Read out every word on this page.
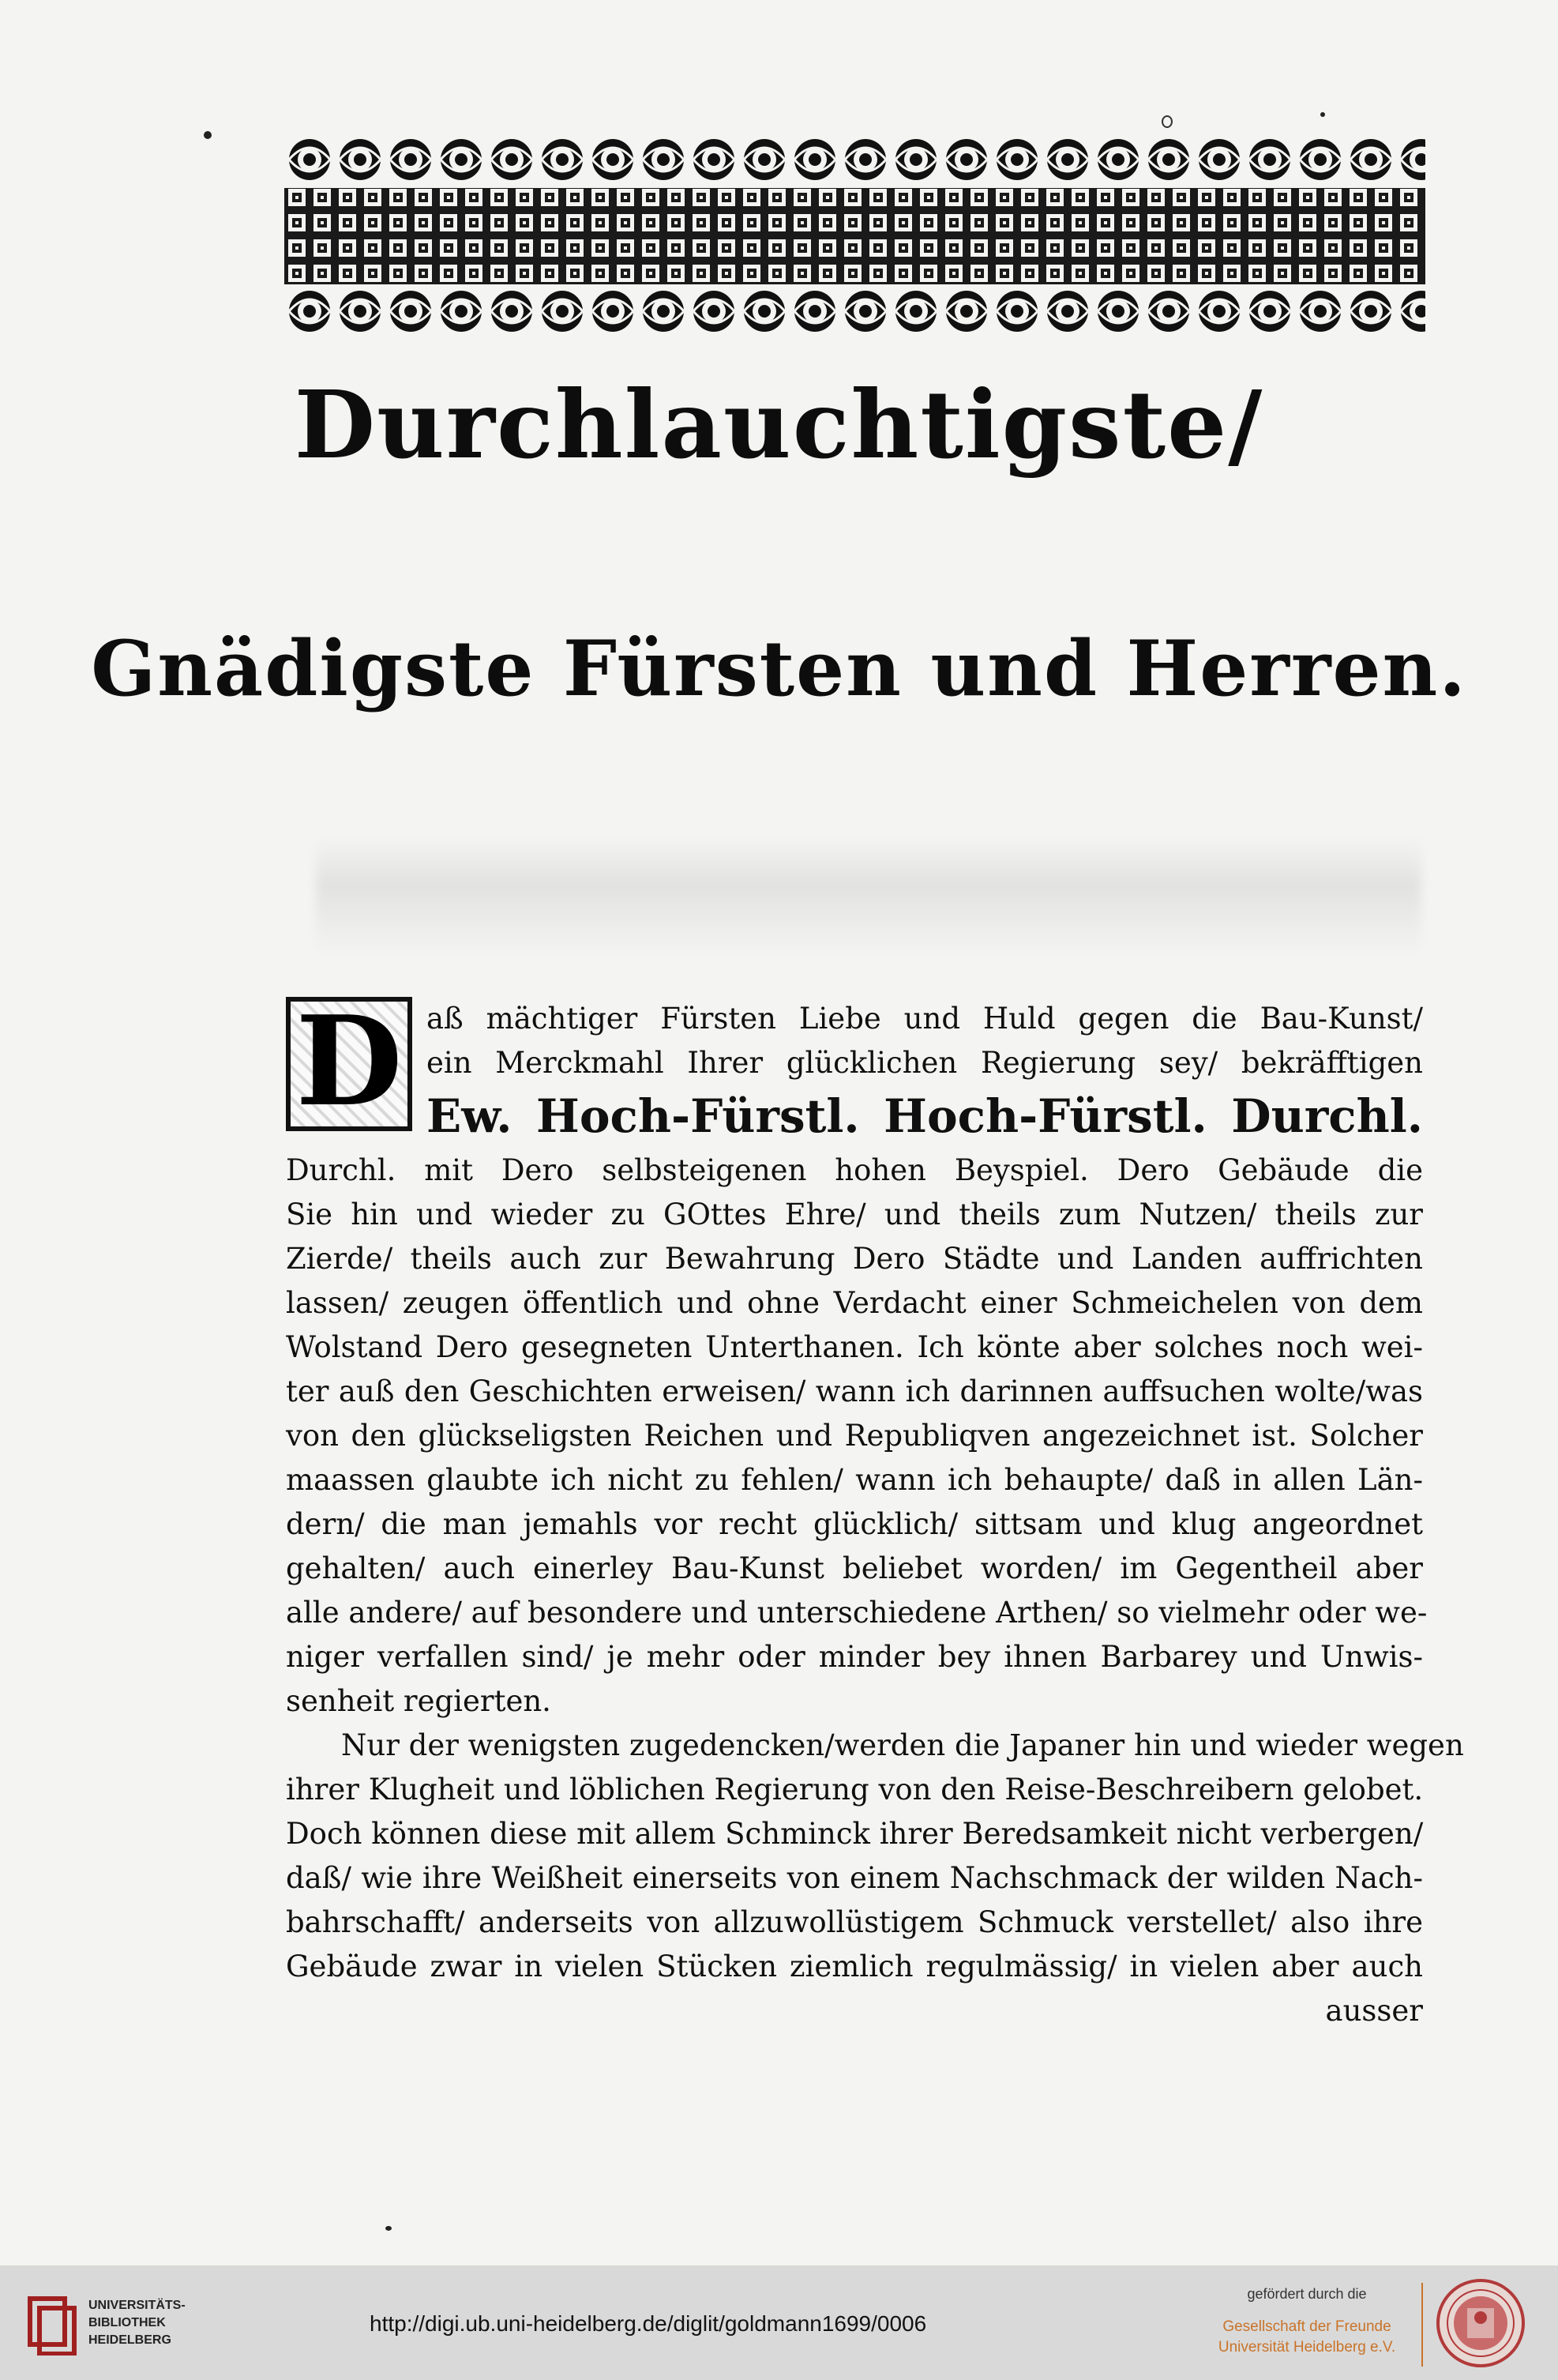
Durchlauchtigste/
Gnädigste Fürsten und Herren.
D aß mächtiger Fürsten Liebe und Huld gegen die Bau-Kunst/
ein Merckmahl Ihrer glücklichen Regierung sey/ bekräfftigen
Ew. Hoch-Fürstl. Hoch-Fürstl. Durchl.
Durchl. mit Dero selbsteigenen hohen Beyspiel. Dero Gebäude die
Sie hin und wieder zu GOttes Ehre/ und theils zum Nutzen/ theils zur
Zierde/ theils auch zur Bewahrung Dero Städte und Landen auffrichten
lassen/ zeugen öffentlich und ohne Verdacht einer Schmeichelen von dem
Wolstand Dero gesegneten Unterthanen. Ich könte aber solches noch wei-
ter auß den Geschichten erweisen/ wann ich darinnen auffsuchen wolte/was
von den glückseligsten Reichen und Republiqven angezeichnet ist. Solcher
maassen glaubte ich nicht zu fehlen/ wann ich behaupte/ daß in allen Län-
dern/ die man jemahls vor recht glücklich/ sittsam und klug angeordnet
gehalten/ auch einerley Bau-Kunst beliebet worden/ im Gegentheil aber
alle andere/ auf besondere und unterschiedene Arthen/ so vielmehr oder we-
niger verfallen sind/ je mehr oder minder bey ihnen Barbarey und Unwis-
senheit regierten.
Nur der wenigsten zugedencken/werden die Japaner hin und wieder wegen
ihrer Klugheit und löblichen Regierung von den Reise-Beschreibern gelobet.
Doch können diese mit allem Schminck ihrer Beredsamkeit nicht verbergen/
daß/ wie ihre Weißheit einerseits von einem Nachschmack der wilden Nach-
bahrschafft/ anderseits von allzuwollüstigem Schmuck verstellet/ also ihre
Gebäude zwar in vielen Stücken ziemlich regulmässig/ in vielen aber auch
ausser
UNIVERSITÄTS-
BIBLIOTHEK
HEIDELBERG
http://digi.ub.uni-heidelberg.de/diglit/goldmann1699/0006
gefördert durch die
Gesellschaft der Freunde
Universität Heidelberg e.V.
